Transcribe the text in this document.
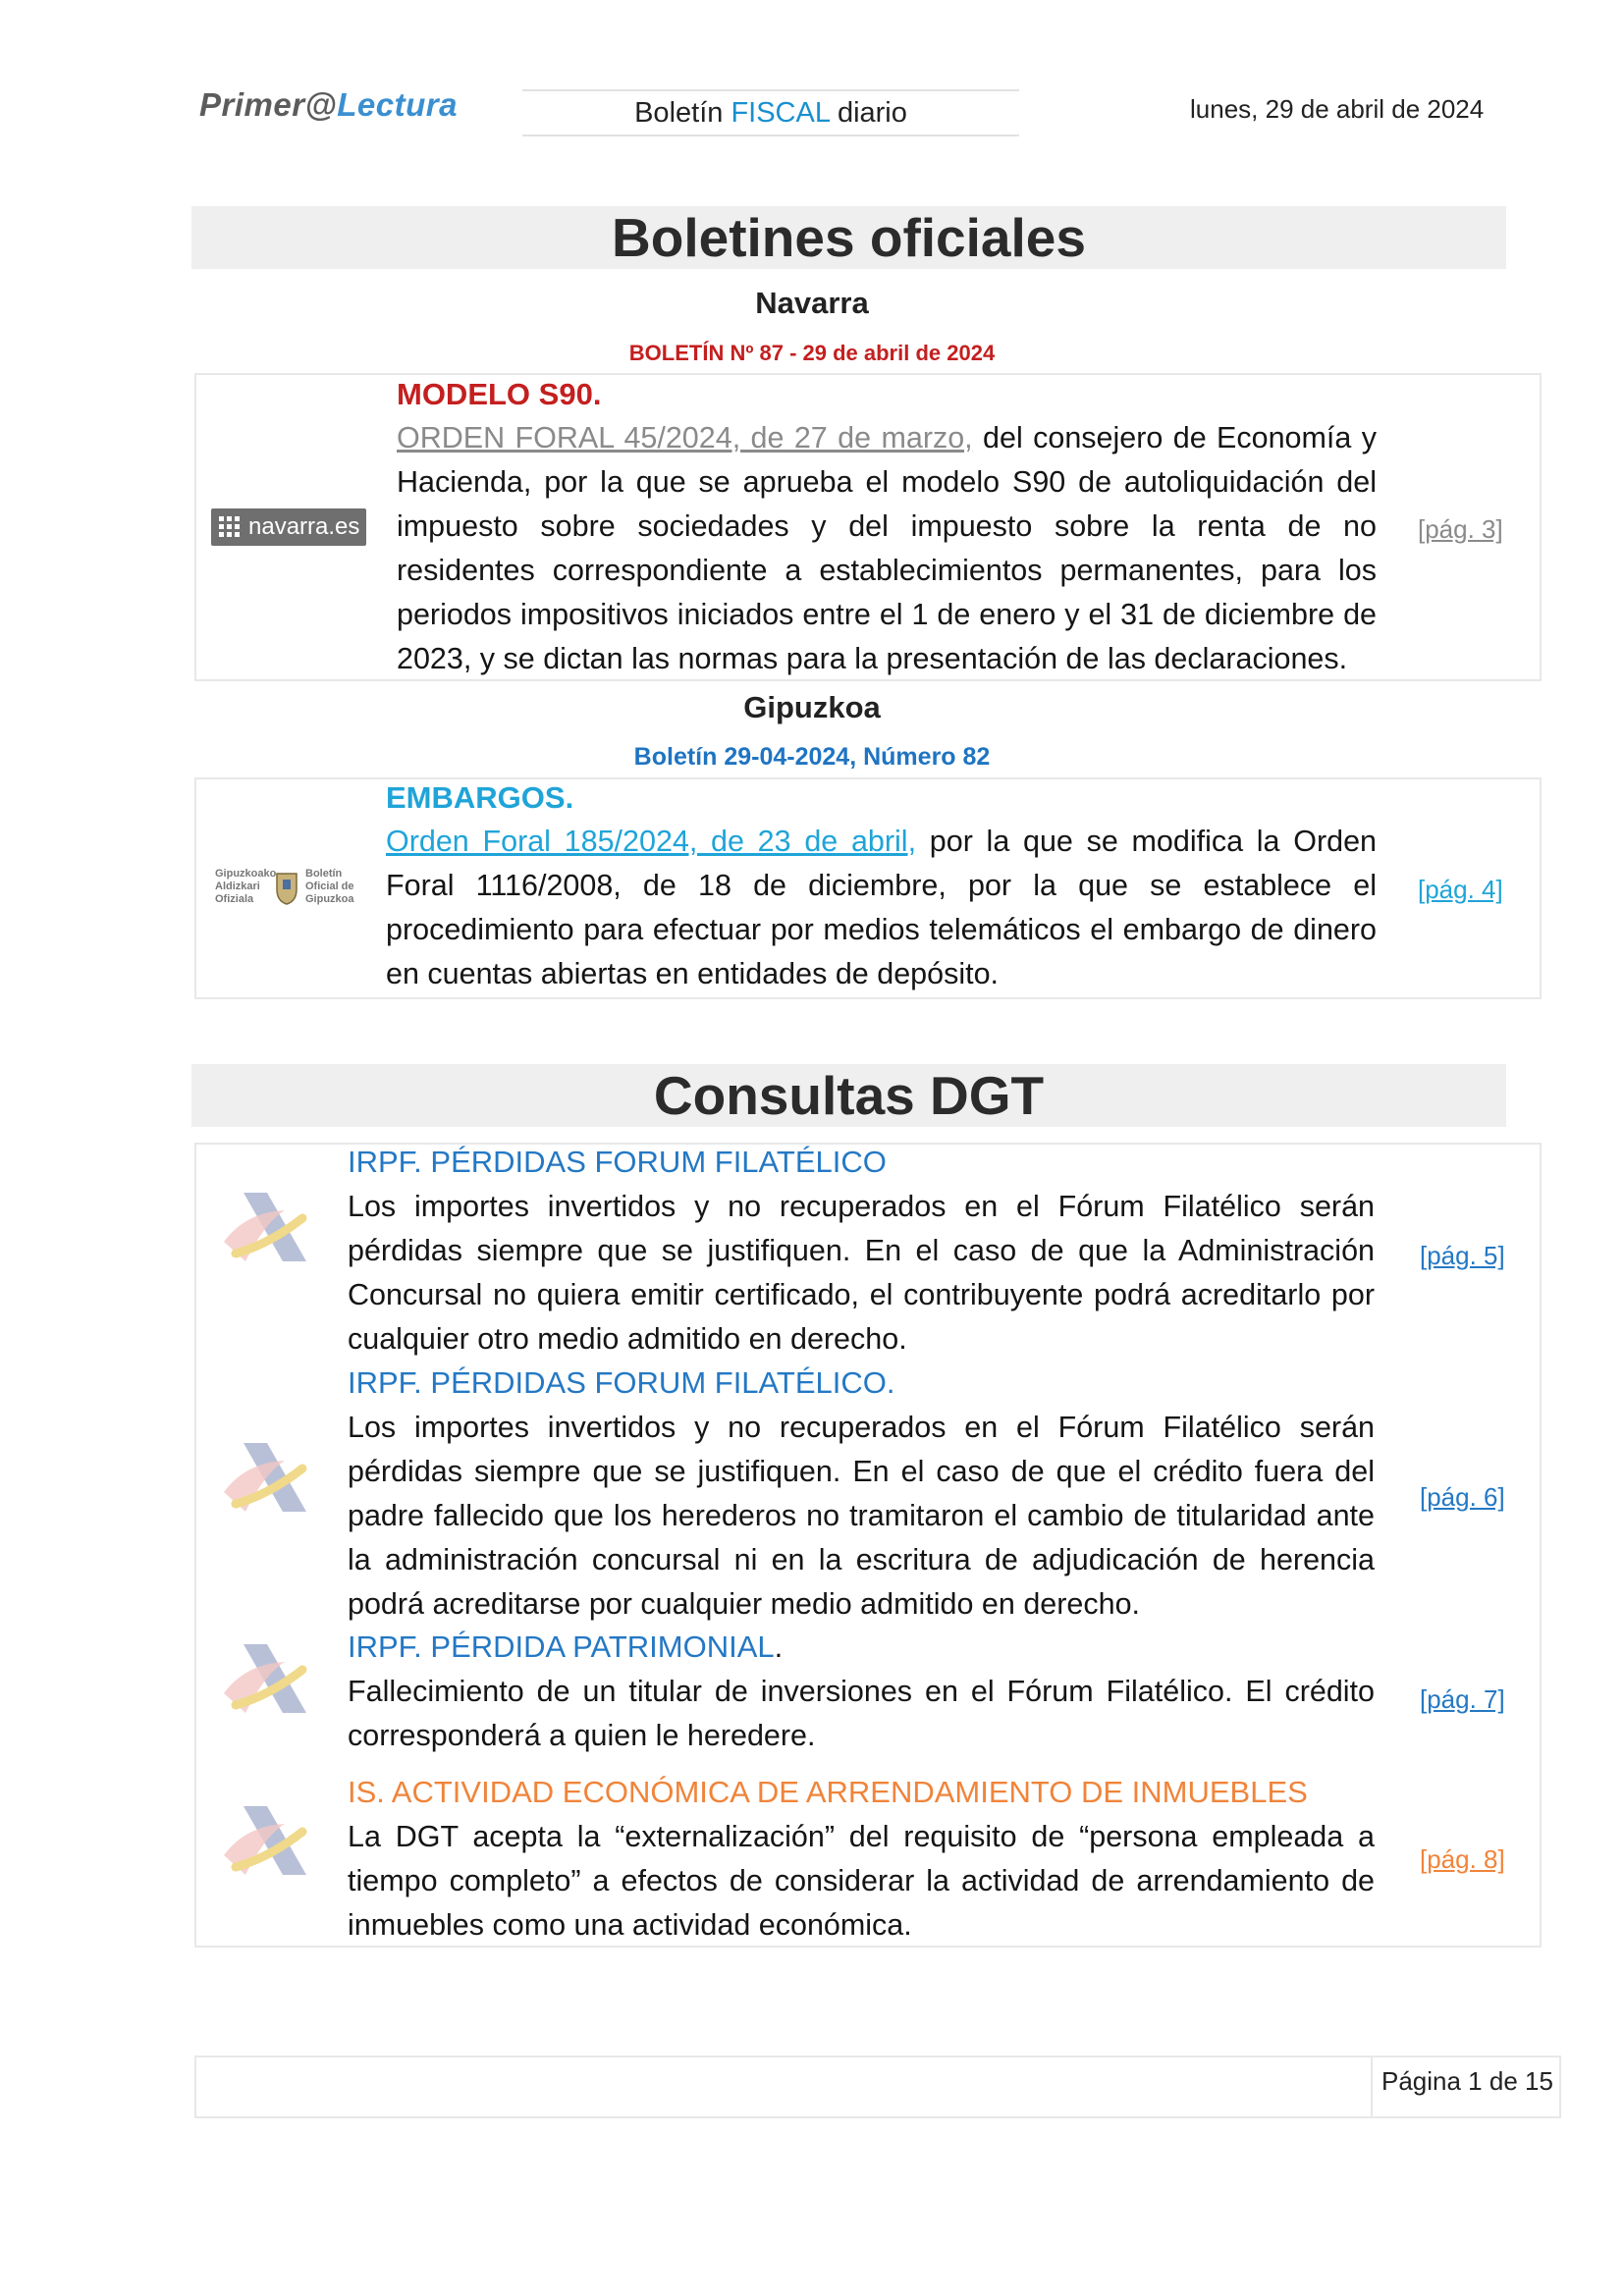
Primer@Lectura	Boletín FISCAL diario	lunes, 29 de abril de 2024
Boletines oficiales
Navarra
BOLETÍN Nº 87 - 29 de abril de 2024
navarra.es
MODELO S90.
ORDEN FORAL 45/2024, de 27 de marzo, del consejero de Economía y Hacienda, por la que se aprueba el modelo S90 de autoliquidación del impuesto sobre sociedades y del impuesto sobre la renta de no residentes correspondiente a establecimientos permanentes, para los periodos impositivos iniciados entre el 1 de enero y el 31 de diciembre de 2023, y se dictan las normas para la presentación de las declaraciones.
[pág. 3]
Gipuzkoa
Boletín 29-04-2024, Número 82
Gipuzkoako
Aldizkari
Ofiziala
Boletín
Oficial de
Gipuzkoa
EMBARGOS.
Orden Foral 185/2024, de 23 de abril, por la que se modifica la Orden Foral 1116/2008, de 18 de diciembre, por la que se establece el procedimiento para efectuar por medios telemáticos el embargo de dinero en cuentas abiertas en entidades de depósito.
[pág. 4]
Consultas DGT
IRPF. PÉRDIDAS FORUM FILATÉLICO
Los importes invertidos y no recuperados en el Fórum Filatélico serán pérdidas siempre que se justifiquen. En el caso de que la Administración Concursal no quiera emitir certificado, el contribuyente podrá acreditarlo por cualquier otro medio admitido en derecho.
[pág. 5]
IRPF. PÉRDIDAS FORUM FILATÉLICO.
Los importes invertidos y no recuperados en el Fórum Filatélico serán pérdidas siempre que se justifiquen. En el caso de que el crédito fuera del padre fallecido que los herederos no tramitaron el cambio de titularidad ante la administración concursal ni en la escritura de adjudicación de herencia podrá acreditarse por cualquier medio admitido en derecho.
[pág. 6]
IRPF. PÉRDIDA PATRIMONIAL.
Fallecimiento de un titular de inversiones en el Fórum Filatélico. El crédito corresponderá a quien le heredere.
[pág. 7]
IS. ACTIVIDAD ECONÓMICA DE ARRENDAMIENTO DE INMUEBLES
La DGT acepta la “externalización” del requisito de “persona empleada a tiempo completo” a efectos de considerar la actividad de arrendamiento de inmuebles como una actividad económica.
[pág. 8]
Página 1 de 15
